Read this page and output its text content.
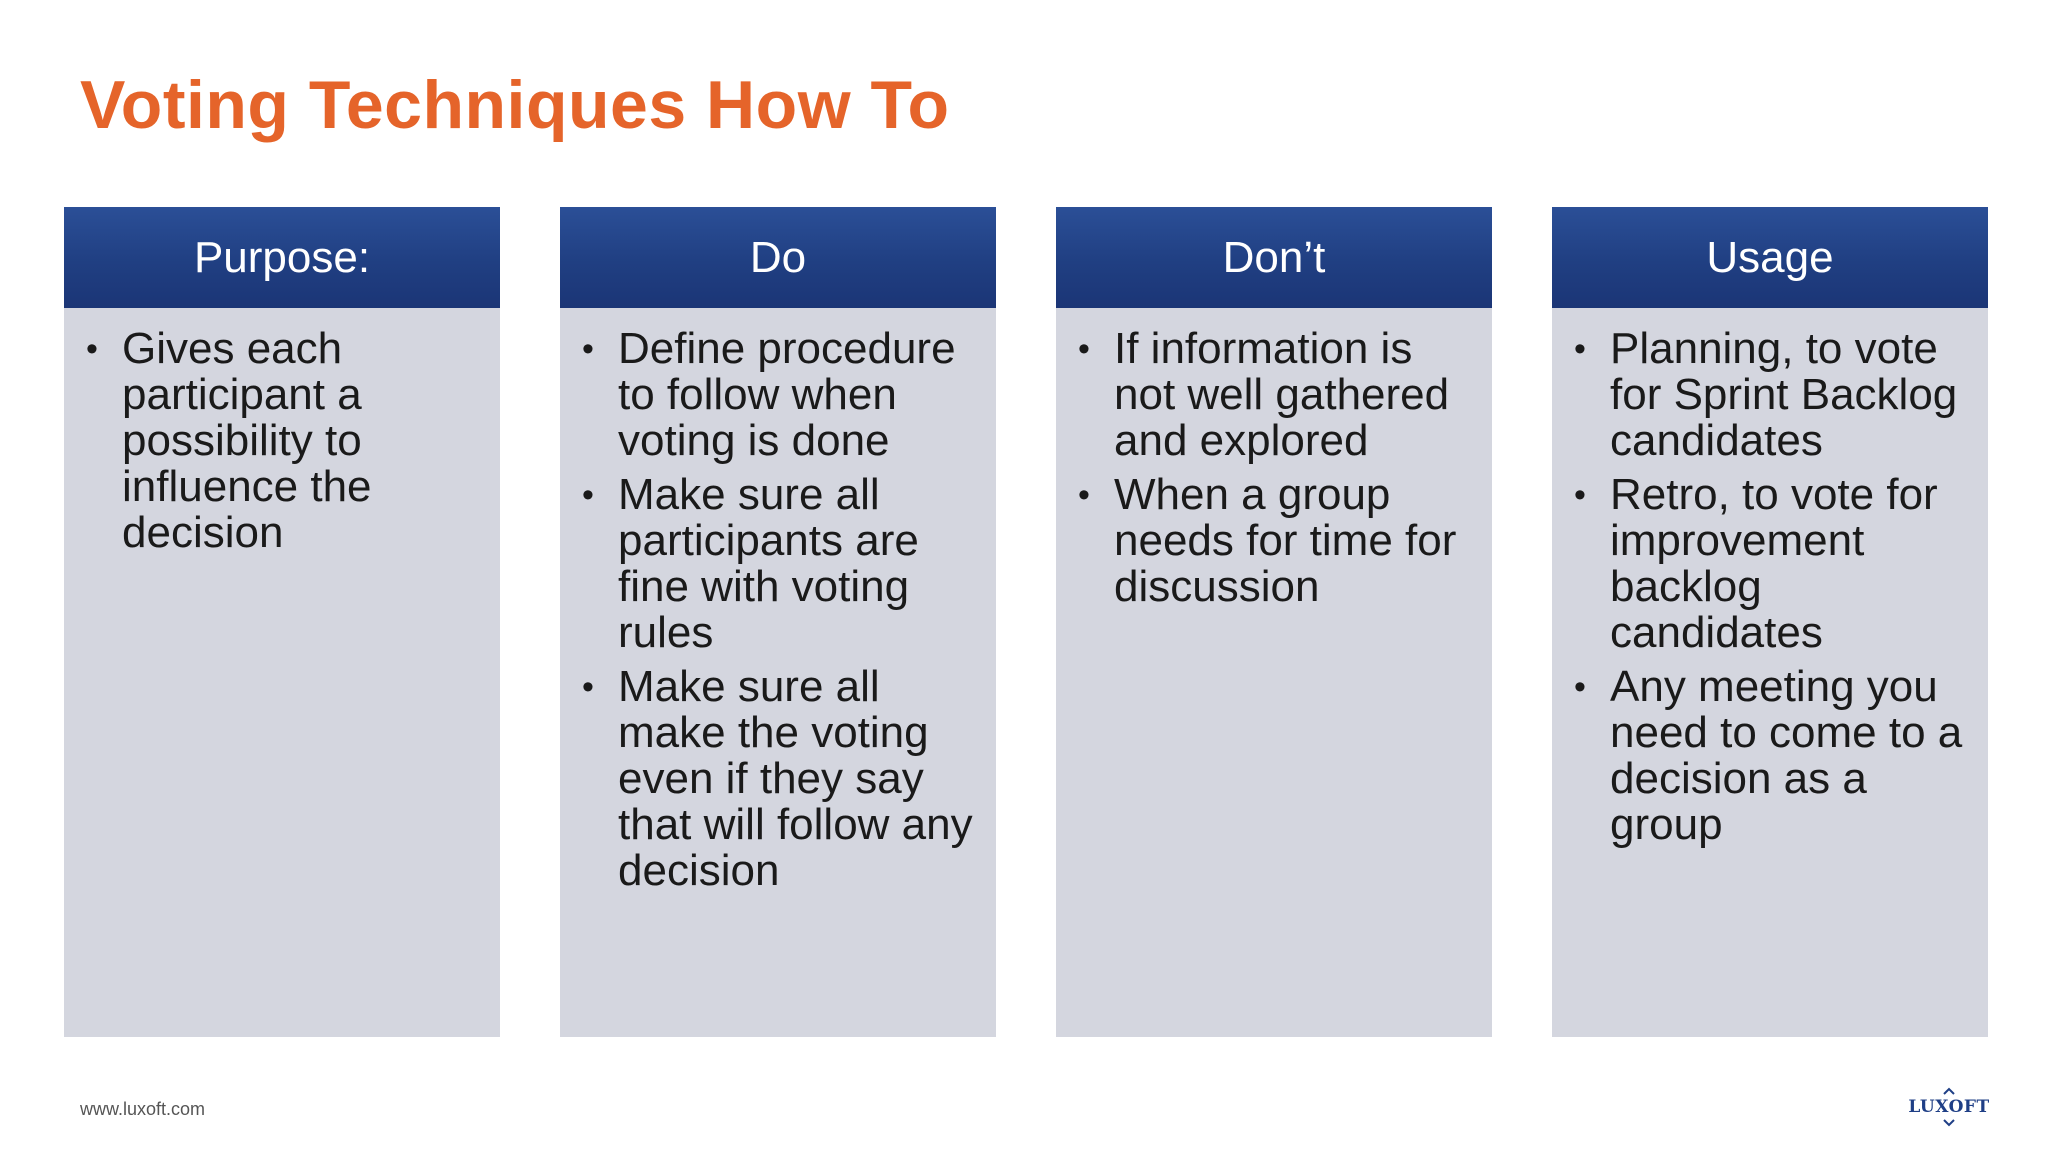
Voting Techniques How To
Purpose:
• Gives each participant a possibility to influence the decision
Do
• Define procedure to follow when voting is done
• Make sure all participants are fine with voting rules
• Make sure all make the voting even if they say that will follow any decision
Don’t
• If information is not well gathered and explored
• When a group needs for time for discussion
Usage
• Planning, to vote for Sprint Backlog candidates
• Retro, to vote for improvement backlog candidates
• Any meeting you need to come to a decision as a group
www.luxoft.com	LUXOFT
